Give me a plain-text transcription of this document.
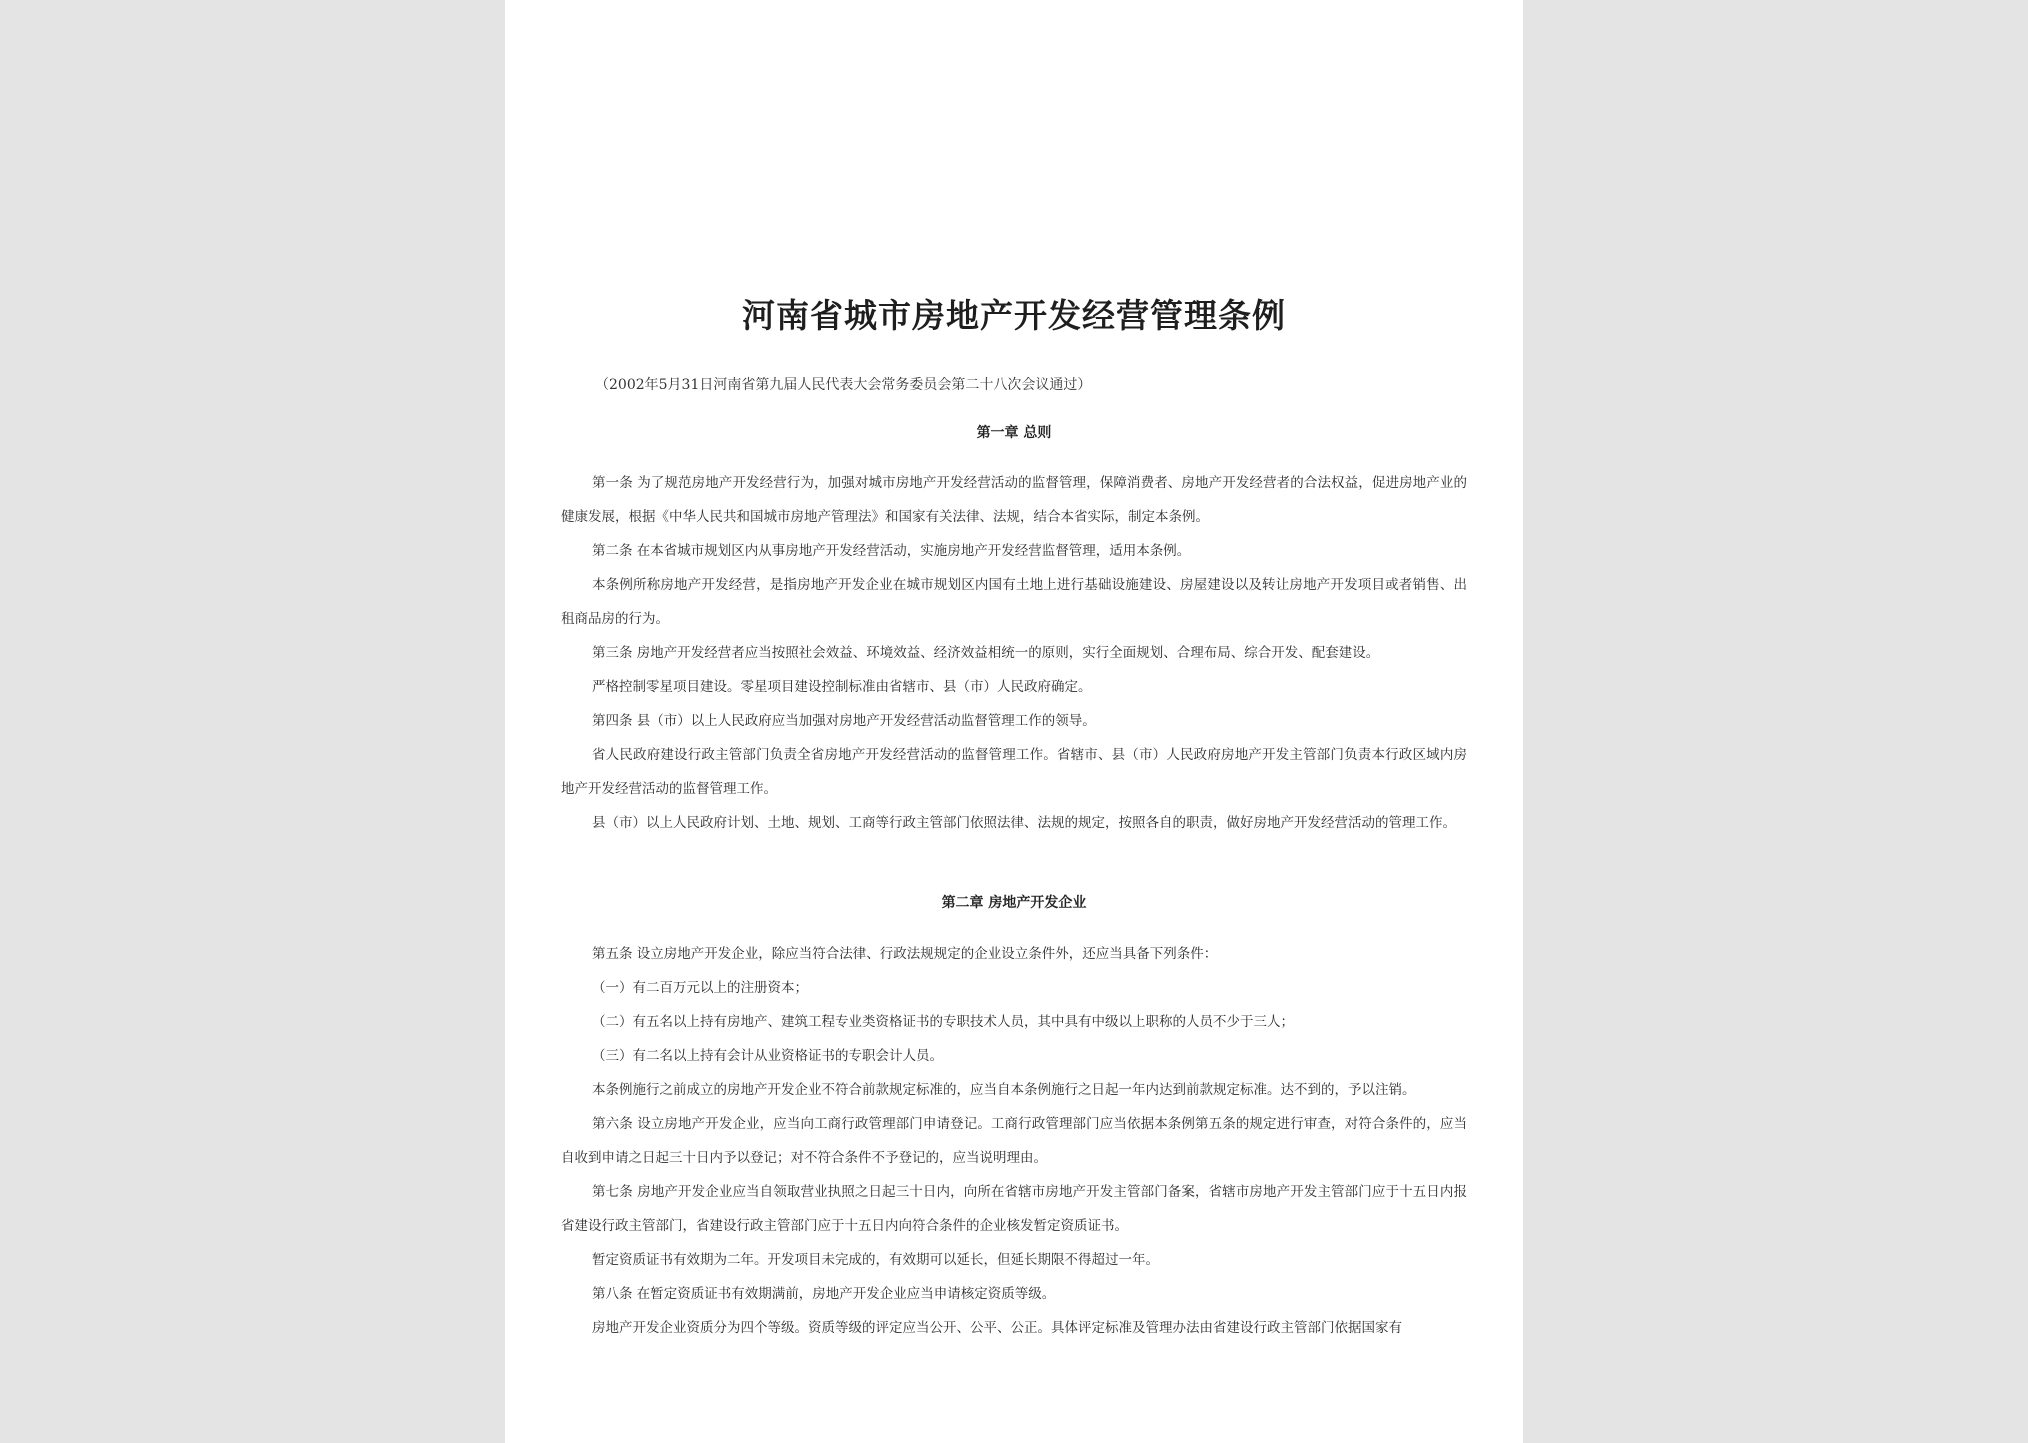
河南省城市房地产开发经营管理条例
（2002年5月31日河南省第九届人民代表大会常务委员会第二十八次会议通过）
第一章 总则

第一条 为了规范房地产开发经营行为，加强对城市房地产开发经营活动的监督管理，保障消费者、房地产开发经营者的合法权益，促进房地产业的健康发展，根据《中华人民共和国城市房地产管理法》和国家有关法律、法规，结合本省实际，制定本条例。

第二条 在本省城市规划区内从事房地产开发经营活动，实施房地产开发经营监督管理，适用本条例。

本条例所称房地产开发经营，是指房地产开发企业在城市规划区内国有土地上进行基础设施建设、房屋建设以及转让房地产开发项目或者销售、出租商品房的行为。

第三条 房地产开发经营者应当按照社会效益、环境效益、经济效益相统一的原则，实行全面规划、合理布局、综合开发、配套建设。

严格控制零星项目建设。零星项目建设控制标准由省辖市、县（市）人民政府确定。

第四条 县（市）以上人民政府应当加强对房地产开发经营活动监督管理工作的领导。

省人民政府建设行政主管部门负责全省房地产开发经营活动的监督管理工作。省辖市、县（市）人民政府房地产开发主管部门负责本行政区域内房地产开发经营活动的监督管理工作。

县（市）以上人民政府计划、土地、规划、工商等行政主管部门依照法律、法规的规定，按照各自的职责，做好房地产开发经营活动的管理工作。

第二章 房地产开发企业

第五条 设立房地产开发企业，除应当符合法律、行政法规规定的企业设立条件外，还应当具备下列条件：

（一）有二百万元以上的注册资本；

（二）有五名以上持有房地产、建筑工程专业类资格证书的专职技术人员，其中具有中级以上职称的人员不少于三人；

（三）有二名以上持有会计从业资格证书的专职会计人员。

本条例施行之前成立的房地产开发企业不符合前款规定标准的，应当自本条例施行之日起一年内达到前款规定标准。达不到的，予以注销。

第六条 设立房地产开发企业，应当向工商行政管理部门申请登记。工商行政管理部门应当依据本条例第五条的规定进行审查，对符合条件的，应当自收到申请之日起三十日内予以登记；对不符合条件不予登记的，应当说明理由。

第七条 房地产开发企业应当自领取营业执照之日起三十日内，向所在省辖市房地产开发主管部门备案，省辖市房地产开发主管部门应于十五日内报省建设行政主管部门，省建设行政主管部门应于十五日内向符合条件的企业核发暂定资质证书。

暂定资质证书有效期为二年。开发项目未完成的，有效期可以延长，但延长期限不得超过一年。

第八条 在暂定资质证书有效期满前，房地产开发企业应当申请核定资质等级。

房地产开发企业资质分为四个等级。资质等级的评定应当公开、公平、公正。具体评定标准及管理办法由省建设行政主管部门依据国家有
